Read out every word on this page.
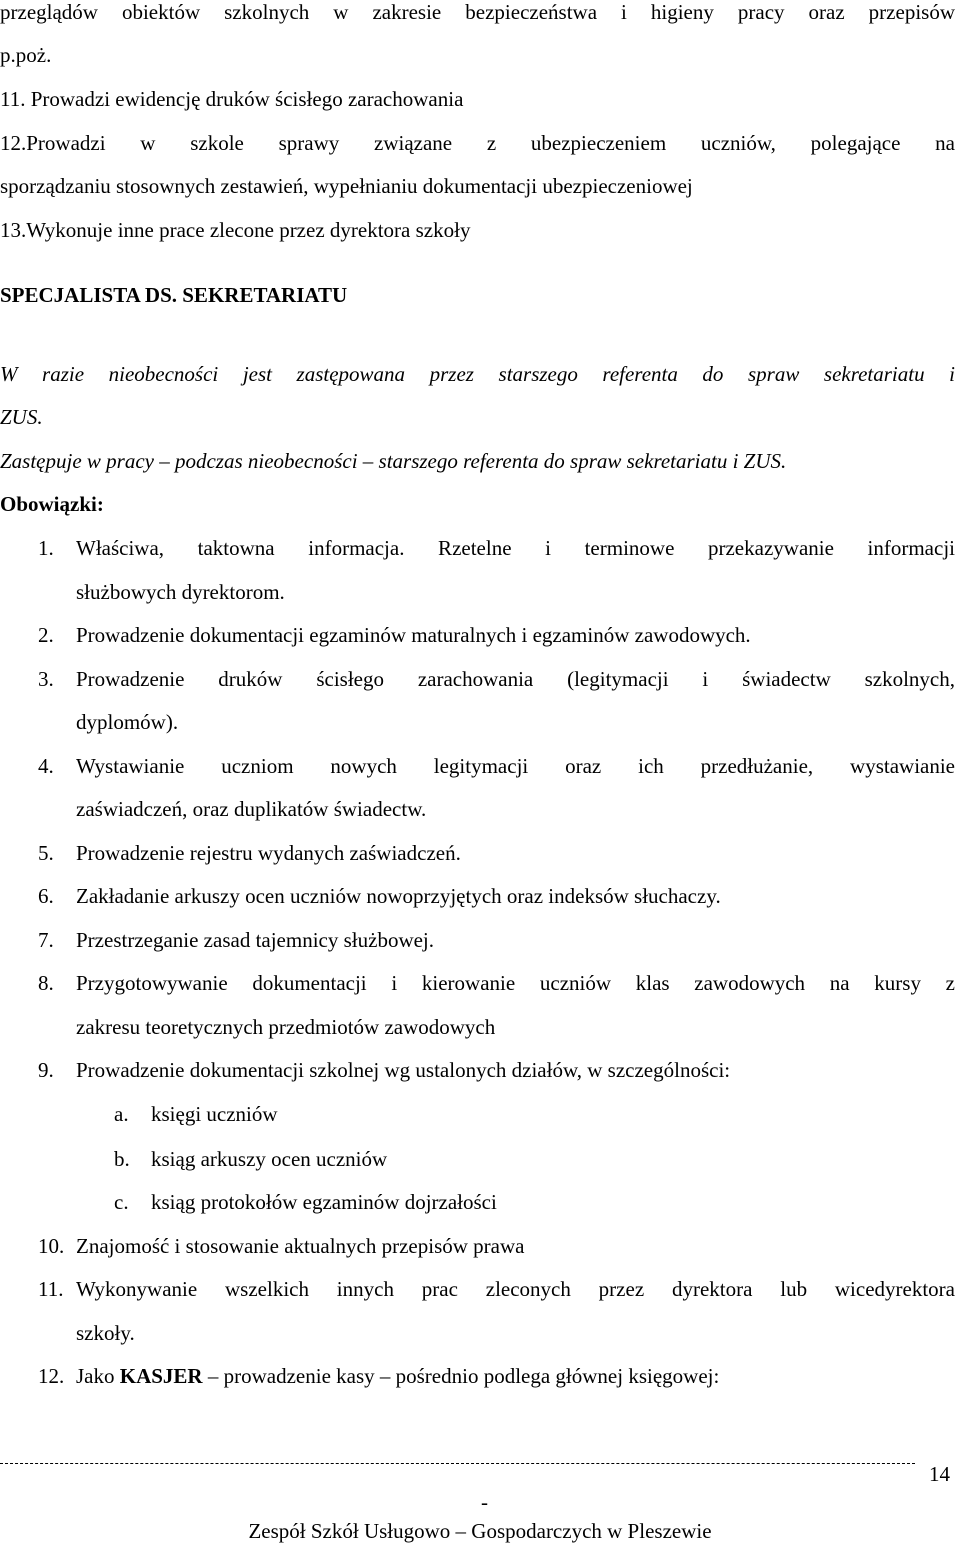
przeglądów obiektów szkolnych w zakresie bezpieczeństwa i higieny pracy oraz przepisów
p.poż.
11. Prowadzi ewidencję druków ścisłego zarachowania
12.Prowadzi w szkole sprawy związane z ubezpieczeniem uczniów, polegające na
sporządzaniu stosownych zestawień, wypełnianiu dokumentacji ubezpieczeniowej
13.Wykonuje inne prace zlecone przez dyrektora szkoły
SPECJALISTA DS. SEKRETARIATU
W razie nieobecności jest zastępowana przez starszego referenta do spraw sekretariatu i
ZUS.
Zastępuje w pracy – podczas nieobecności – starszego referenta do spraw sekretariatu i ZUS.
Obowiązki:
1. Właściwa, taktowna informacja. Rzetelne i terminowe przekazywanie informacji
służbowych dyrektorom.
2. Prowadzenie dokumentacji egzaminów maturalnych i egzaminów zawodowych.
3. Prowadzenie druków ścisłego zarachowania (legitymacji i świadectw szkolnych,
dyplomów).
4. Wystawianie uczniom nowych legitymacji oraz ich przedłużanie, wystawianie
zaświadczeń, oraz duplikatów świadectw.
5. Prowadzenie rejestru wydanych zaświadczeń.
6. Zakładanie arkuszy ocen uczniów nowoprzyjętych oraz indeksów słuchaczy.
7. Przestrzeganie zasad tajemnicy służbowej.
8. Przygotowywanie dokumentacji i kierowanie uczniów klas zawodowych na kursy z
zakresu teoretycznych przedmiotów zawodowych
9. Prowadzenie dokumentacji szkolnej wg ustalonych działów, w szczególności:
a. księgi uczniów
b. ksiąg arkuszy ocen uczniów
c. ksiąg protokołów egzaminów dojrzałości
10. Znajomość i stosowanie aktualnych przepisów prawa
11. Wykonywanie wszelkich innych prac zleconych przez dyrektora lub wicedyrektora
szkoły.
12. Jako KASJER – prowadzenie kasy – pośrednio podlega głównej księgowej:
14
-
Zespół Szkół Usługowo – Gospodarczych w Pleszewie
